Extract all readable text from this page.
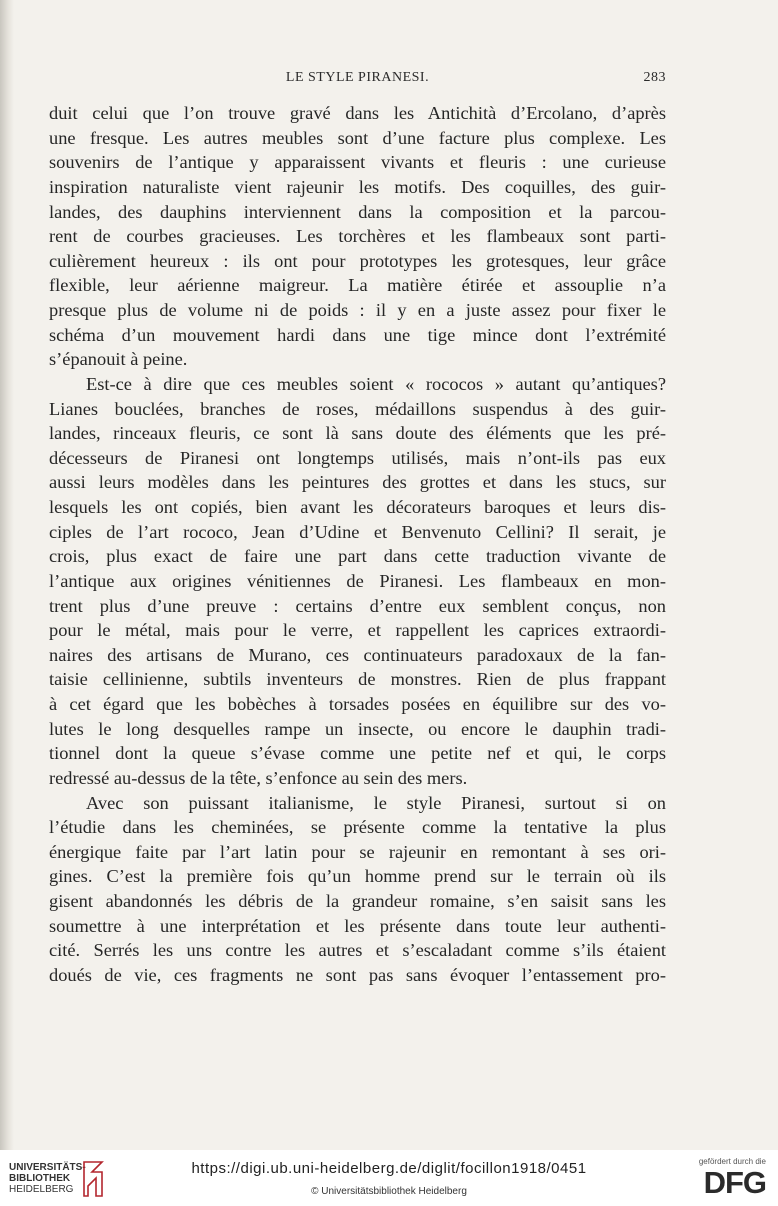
LE STYLE PIRANESI.	283
duit celui que l’on trouve gravé dans les Antichità d’Ercolano, d’après
une fresque. Les autres meubles sont d’une facture plus complexe. Les
souvenirs de l’antique y apparaissent vivants et fleuris : une curieuse
inspiration naturaliste vient rajeunir les motifs. Des coquilles, des guir-
landes, des dauphins interviennent dans la composition et la parcou-
rent de courbes gracieuses. Les torchères et les flambeaux sont parti-
culièrement heureux : ils ont pour prototypes les grotesques, leur grâce
flexible, leur aérienne maigreur. La matière étirée et assouplie n’a
presque plus de volume ni de poids : il y en a juste assez pour fixer le
schéma d’un mouvement hardi dans une tige mince dont l’extrémité
s’épanouit à peine.
Est-ce à dire que ces meubles soient « rococos » autant qu’antiques?
Lianes bouclées, branches de roses, médaillons suspendus à des guir-
landes, rinceaux fleuris, ce sont là sans doute des éléments que les pré-
décesseurs de Piranesi ont longtemps utilisés, mais n’ont-ils pas eux
aussi leurs modèles dans les peintures des grottes et dans les stucs, sur
lesquels les ont copiés, bien avant les décorateurs baroques et leurs dis-
ciples de l’art rococo, Jean d’Udine et Benvenuto Cellini? Il serait, je
crois, plus exact de faire une part dans cette traduction vivante de
l’antique aux origines vénitiennes de Piranesi. Les flambeaux en mon-
trent plus d’une preuve : certains d’entre eux semblent conçus, non
pour le métal, mais pour le verre, et rappellent les caprices extraordi-
naires des artisans de Murano, ces continuateurs paradoxaux de la fan-
taisie cellinienne, subtils inventeurs de monstres. Rien de plus frappant
à cet égard que les bobèches à torsades posées en équilibre sur des vo-
lutes le long desquelles rampe un insecte, ou encore le dauphin tradi-
tionnel dont la queue s’évase comme une petite nef et qui, le corps
redressé au-dessus de la tête, s’enfonce au sein des mers.
Avec son puissant italianisme, le style Piranesi, surtout si on
l’étudie dans les cheminées, se présente comme la tentative la plus
énergique faite par l’art latin pour se rajeunir en remontant à ses ori-
gines. C’est la première fois qu’un homme prend sur le terrain où ils
gisent abandonnés les débris de la grandeur romaine, s’en saisit sans les
soumettre à une interprétation et les présente dans toute leur authenti-
cité. Serrés les uns contre les autres et s’escaladant comme s’ils étaient
doués de vie, ces fragments ne sont pas sans évoquer l’entassement pro-
UNIVERSITÄTS-
BIBLIOTHEK
HEIDELBERG
https://digi.ub.uni-heidelberg.de/diglit/focillon1918/0451
© Universitätsbibliothek Heidelberg
gefördert durch die
DFG
